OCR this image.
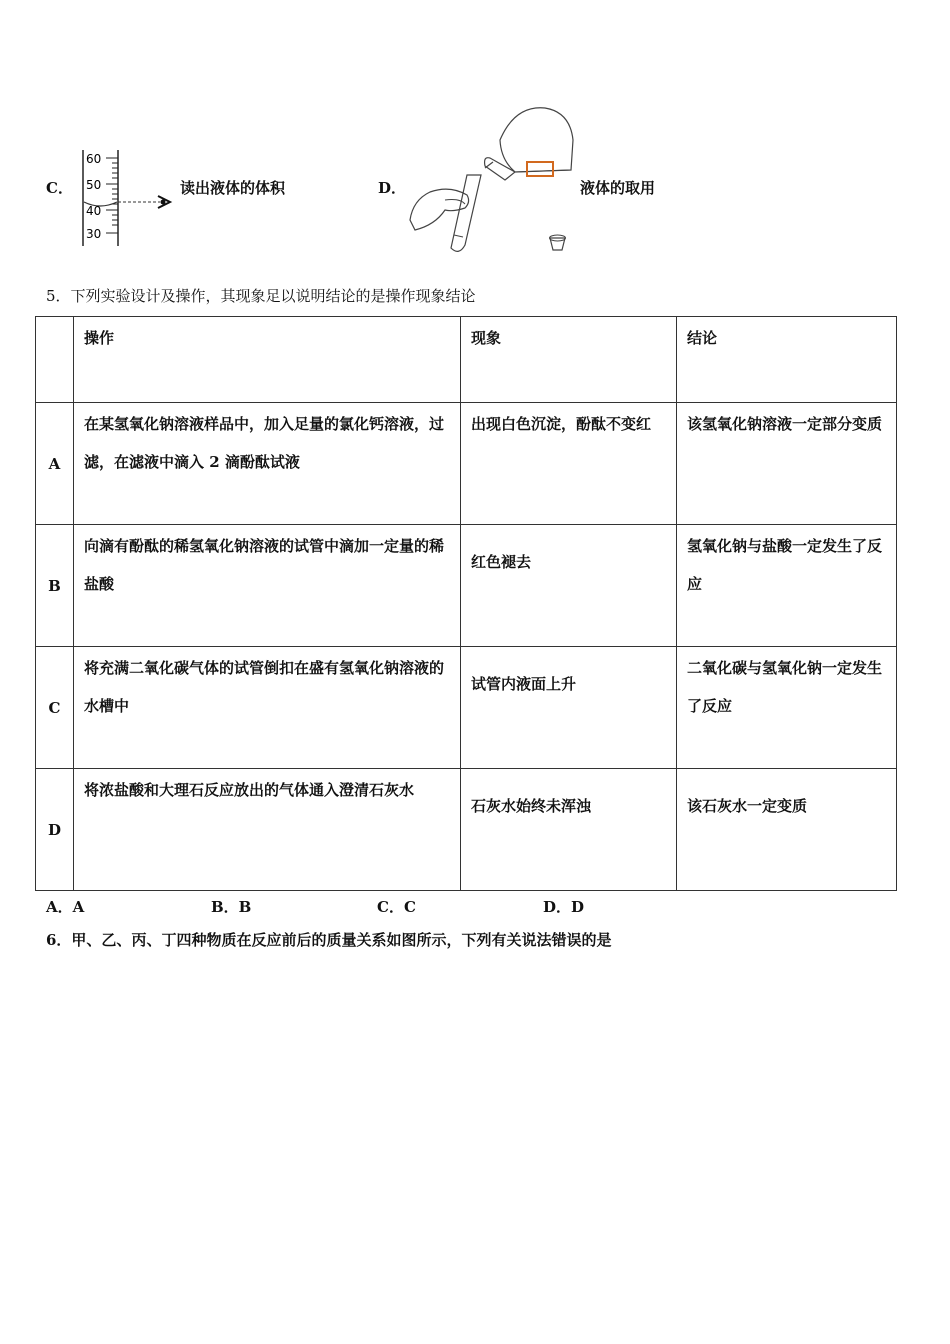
C．
60
50
40
30
读出液体的体积	D．	液体的取用
5．下列实验设计及操作，其现象足以说明结论的是操作现象结论
	操作	现象	结论
A	在某氢氧化钠溶液样品中，加入足量的氯化钙溶液，过滤，在滤液中滴入 2 滴酚酞试液	出现白色沉淀，酚酞不变红	该氢氧化钠溶液一定部分变质
B	向滴有酚酞的稀氢氧化钠溶液的试管中滴加一定量的稀盐酸	红色褪去	氢氧化钠与盐酸一定发生了反应
C	将充满二氧化碳气体的试管倒扣在盛有氢氧化钠溶液的水槽中	试管内液面上升	二氧化碳与氢氧化钠一定发生了反应
D	将浓盐酸和大理石反应放出的气体通入澄清石灰水	石灰水始终未浑浊	该石灰水一定变质
A．A	B．B	C．C	D．D
6．甲、乙、丙、丁四种物质在反应前后的质量关系如图所示，下列有关说法错误的是
